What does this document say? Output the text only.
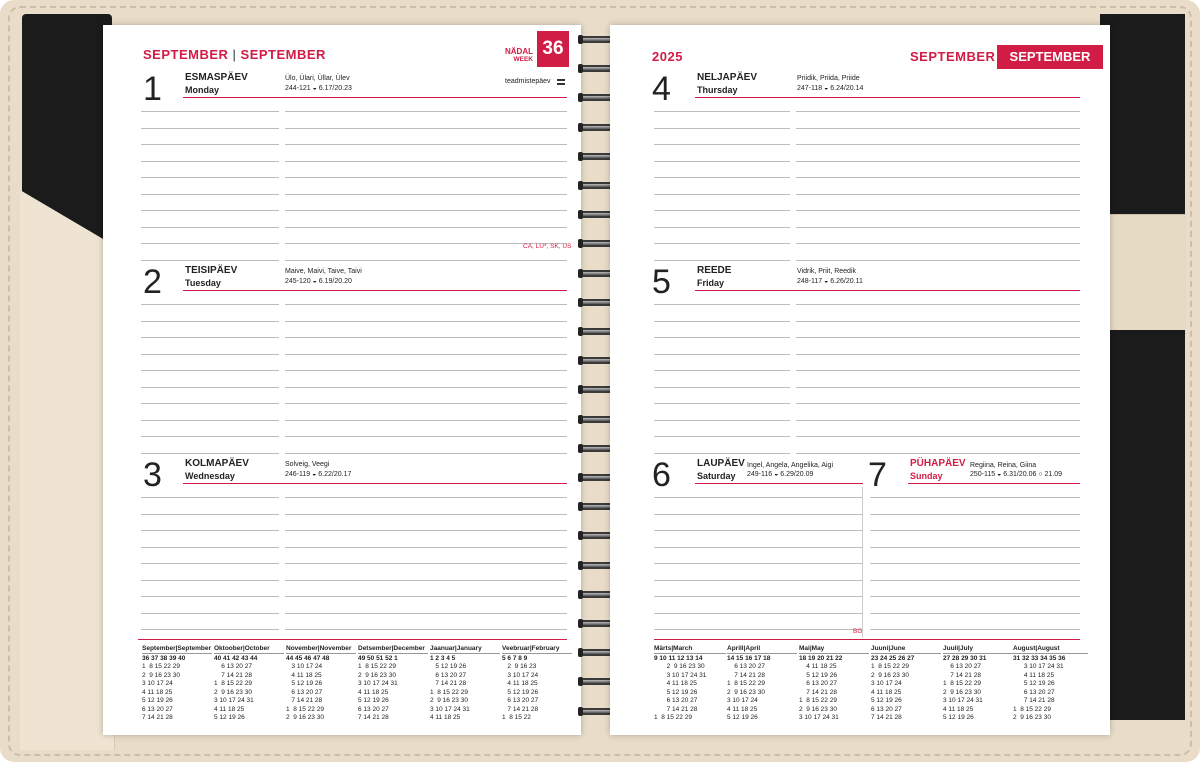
SEPTEMBER | SEPTEMBER	NÄDAL
WEEK
36
1 ESMASPÄEV
Monday
Ülo, Ülari, Üllar, Ülev
244-121 ◒ 6.17/20.23
teadmistepäev
CA, LU*, SK, US
2 TEISIPÄEV
Tuesday
Maive, Maivi, Taive, Taivi
245-120 ◒ 6.19/20.20
3 KOLMAPÄEV
Wednesday
Solveig, Veegi
246-119 ◒ 6.22/20.17
September|September
36 37 38 39 40
1  8 15 22 29
2  9 16 23 30
3 10 17 24
4 11 18 25
5 12 19 26
6 13 20 27
7 14 21 28
Oktoober|October
40 41 42 43 44
6 13 20 27
7 14 21 28
1  8 15 22 29
2  9 16 23 30
3 10 17 24 31
4 11 18 25
5 12 19 26
November|November
44 45 46 47 48
3 10 17 24
4 11 18 25
5 12 19 26
6 13 20 27
7 14 21 28
1  8 15 22 29
2  9 16 23 30
Detsember|December
49 50 51 52 1
1  8 15 22 29
2  9 16 23 30
3 10 17 24 31
4 11 18 25
5 12 19 26
6 13 20 27
7 14 21 28
Jaanuar|January
1 2 3 4 5
5 12 19 26
6 13 20 27
7 14 21 28
1  8 15 22 29
2  9 16 23 30
3 10 17 24 31
4 11 18 25
Veebruar|February
5 6 7 8 9
2  9 16 23
3 10 17 24
4 11 18 25
5 12 19 26
6 13 20 27
7 14 21 28
1  8 15 22
2025	SEPTEMBER	SEPTEMBER
4	NELJAPÄEV
Thursday
Priidik, Priida, Priide
247-118 ◒ 6.24/20.14
5	REEDE
Friday
Vidrik, Priit, Reedik
248-117 ◒ 6.26/20.11
6	LAUPÄEV
Saturday
Ingel, Angela, Angelika, Aigi
249-116 ◒ 6.29/20.09 7 PÜHAPÄEV
Sunday
Regiina, Reina, Giina
250-115 ◒ 6.31/20.06 ○ 21.09
BG
Märts|March
9 10 11 12 13 14
2  9 16 23 30
3 10 17 24 31
4 11 18 25
5 12 19 26
6 13 20 27
7 14 21 28
1  8 15 22 29
Aprill|April
14 15 16 17 18
6 13 20 27
7 14 21 28
1  8 15 22 29
2  9 16 23 30
3 10 17 24
4 11 18 25
5 12 19 26
Mai|May
18 19 20 21 22
4 11 18 25
5 12 19 26
6 13 20 27
7 14 21 28
1  8 15 22 29
2  9 16 23 30
3 10 17 24 31
Juuni|June
23 24 25 26 27
1  8 15 22 29
2  9 16 23 30
3 10 17 24
4 11 18 25
5 12 19 26
6 13 20 27
7 14 21 28
Juuli|July
27 28 29 30 31
6 13 20 27
7 14 21 28
1  8 15 22 29
2  9 16 23 30
3 10 17 24 31
4 11 18 25
5 12 19 26
August|August
31 32 33 34 35 36
3 10 17 24 31
4 11 18 25
5 12 19 26
6 13 20 27
7 14 21 28
1  8 15 22 29
2  9 16 23 30
